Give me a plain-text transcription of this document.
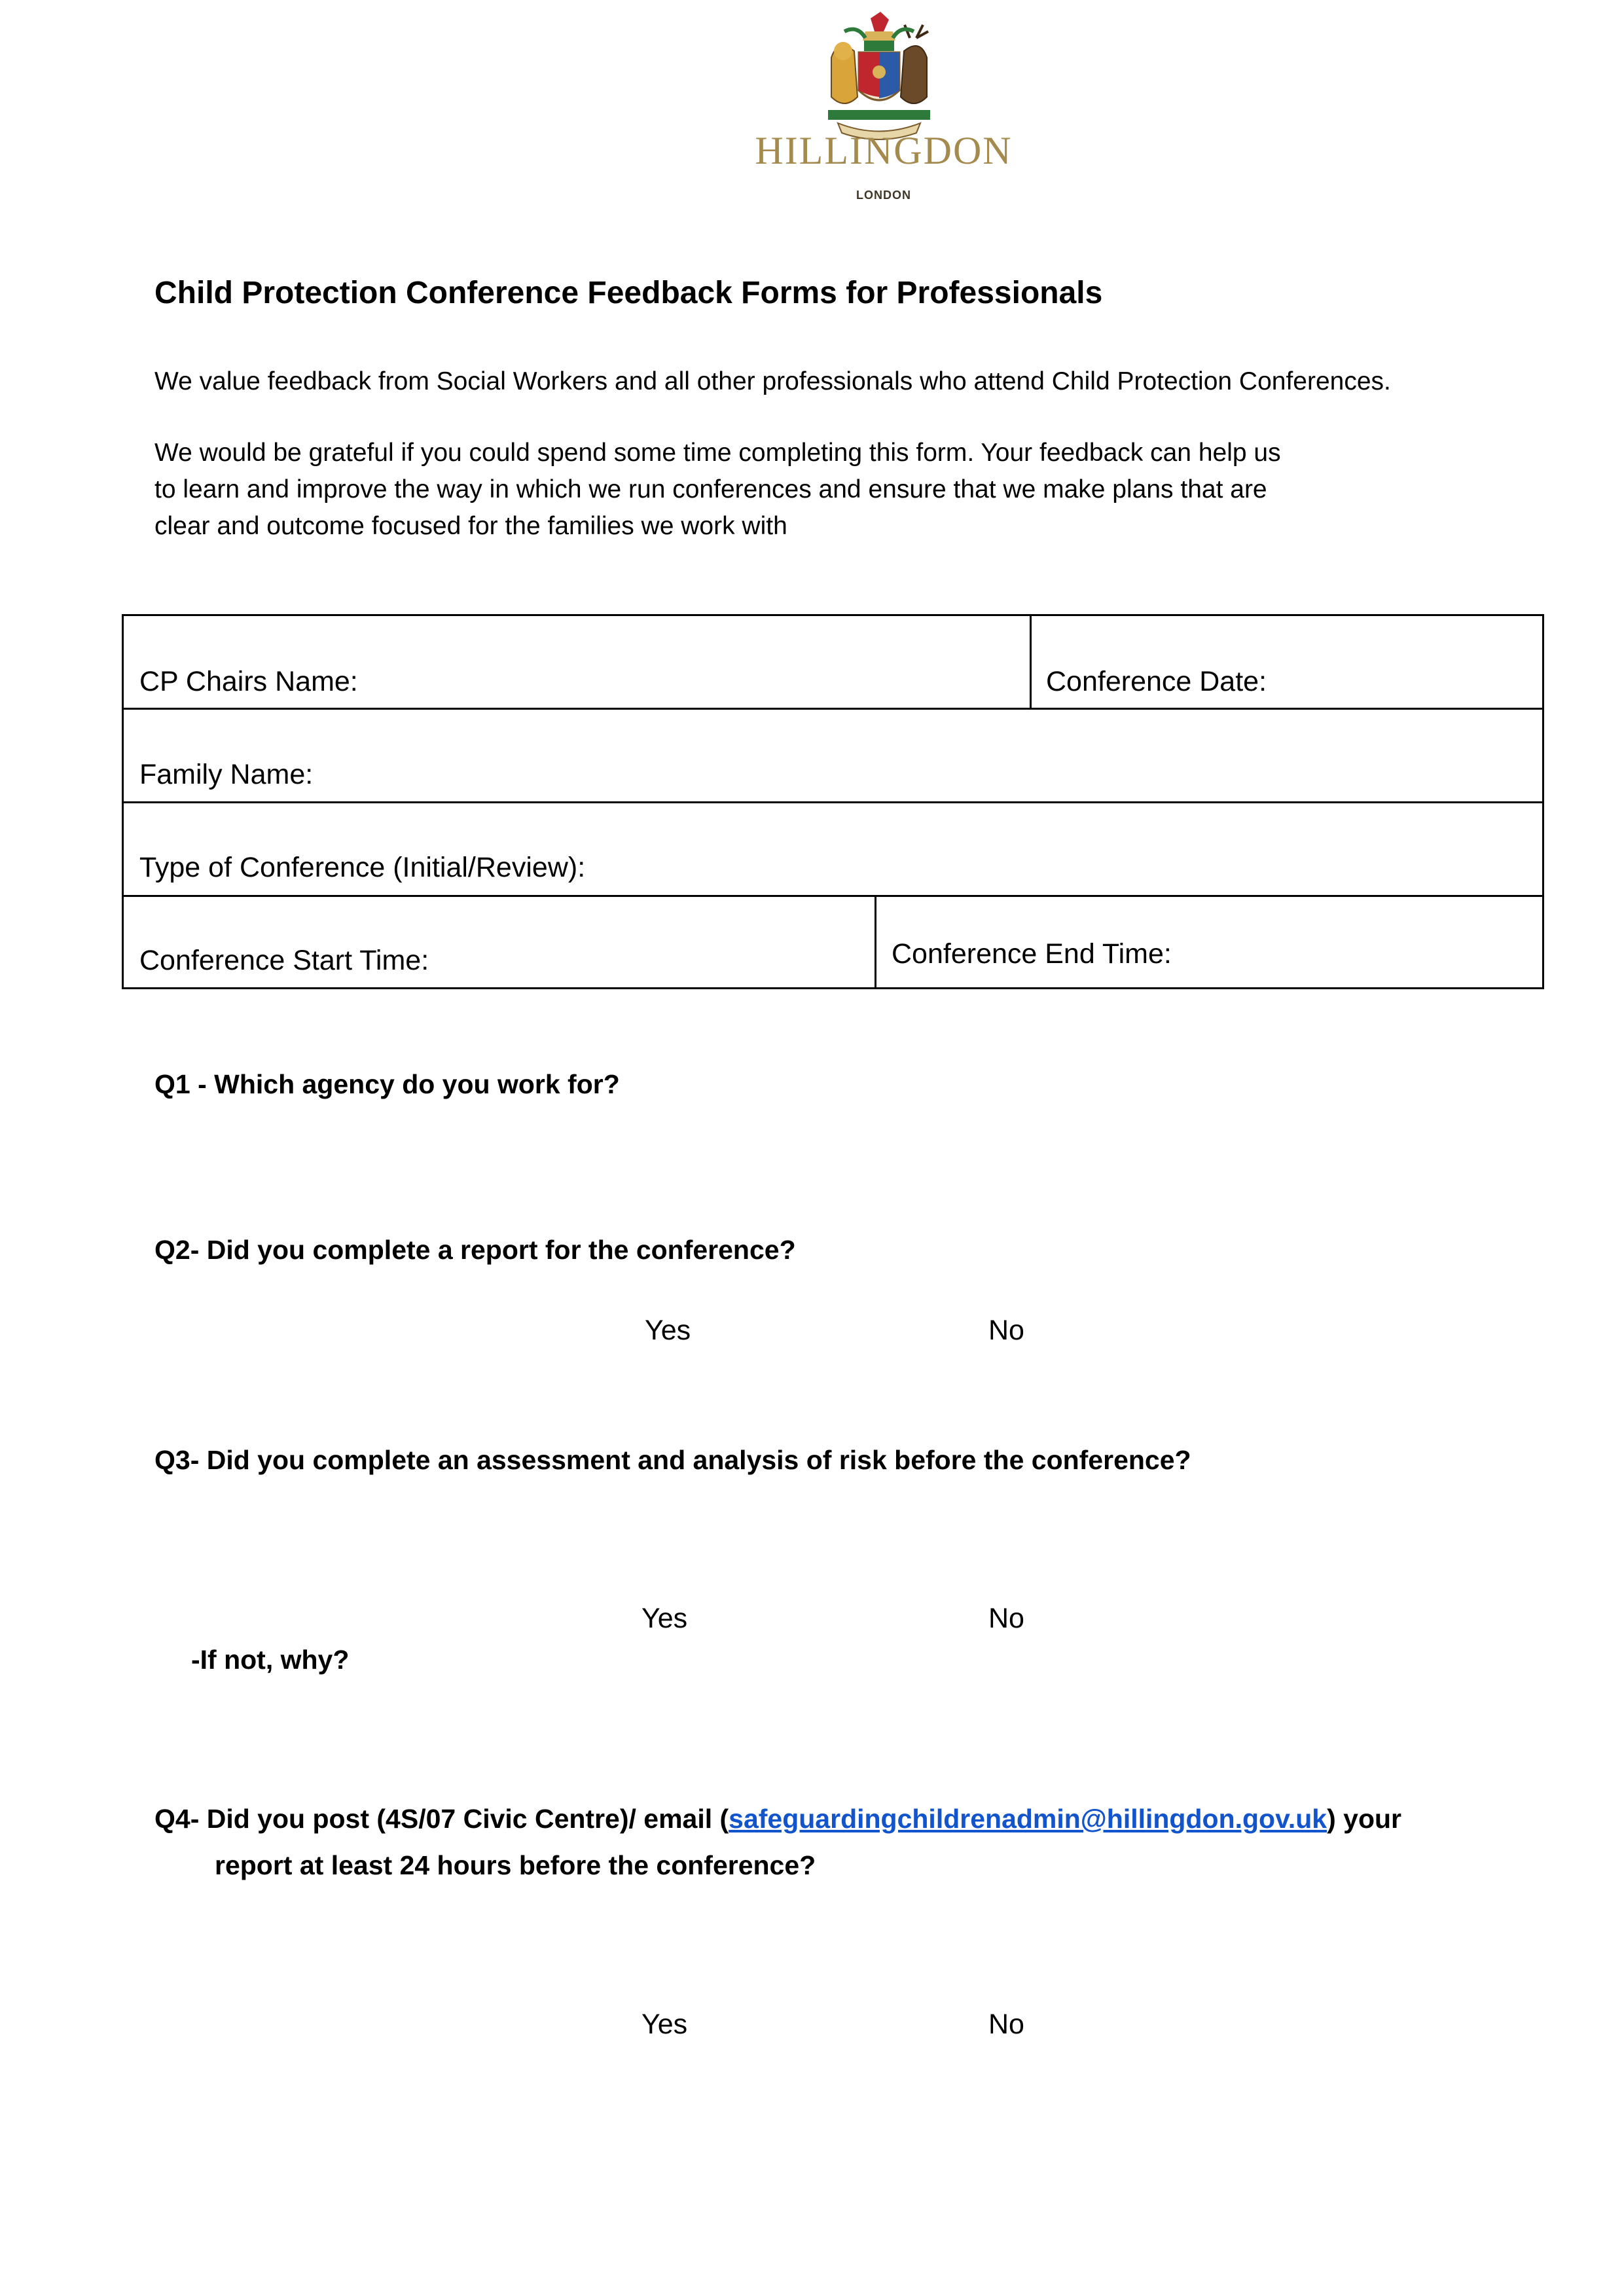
HILLINGDON
LONDON
Child Protection Conference Feedback Forms for Professionals
We value feedback from Social Workers and all other professionals who attend Child Protection Conferences.
We would be grateful if you could spend some time completing this form. Your feedback can help us
to learn and improve the way in which we run conferences and ensure that we make plans that are
clear and outcome focused for the families we work with
CP Chairs Name:	Conference Date:
Family Name:
Type of Conference (Initial/Review):
Conference Start Time:	Conference End Time:
Q1 - Which agency do you work for?
Q2- Did you complete a report for the conference?
Yes	No
Q3- Did you complete an assessment and analysis of risk before the conference?
Yes	No
-If not, why?
Q4- Did you post (4S/07 Civic Centre)/ email (safeguardingchildrenadmin@hillingdon.gov.uk) your
report at least 24 hours before the conference?
Yes	No
